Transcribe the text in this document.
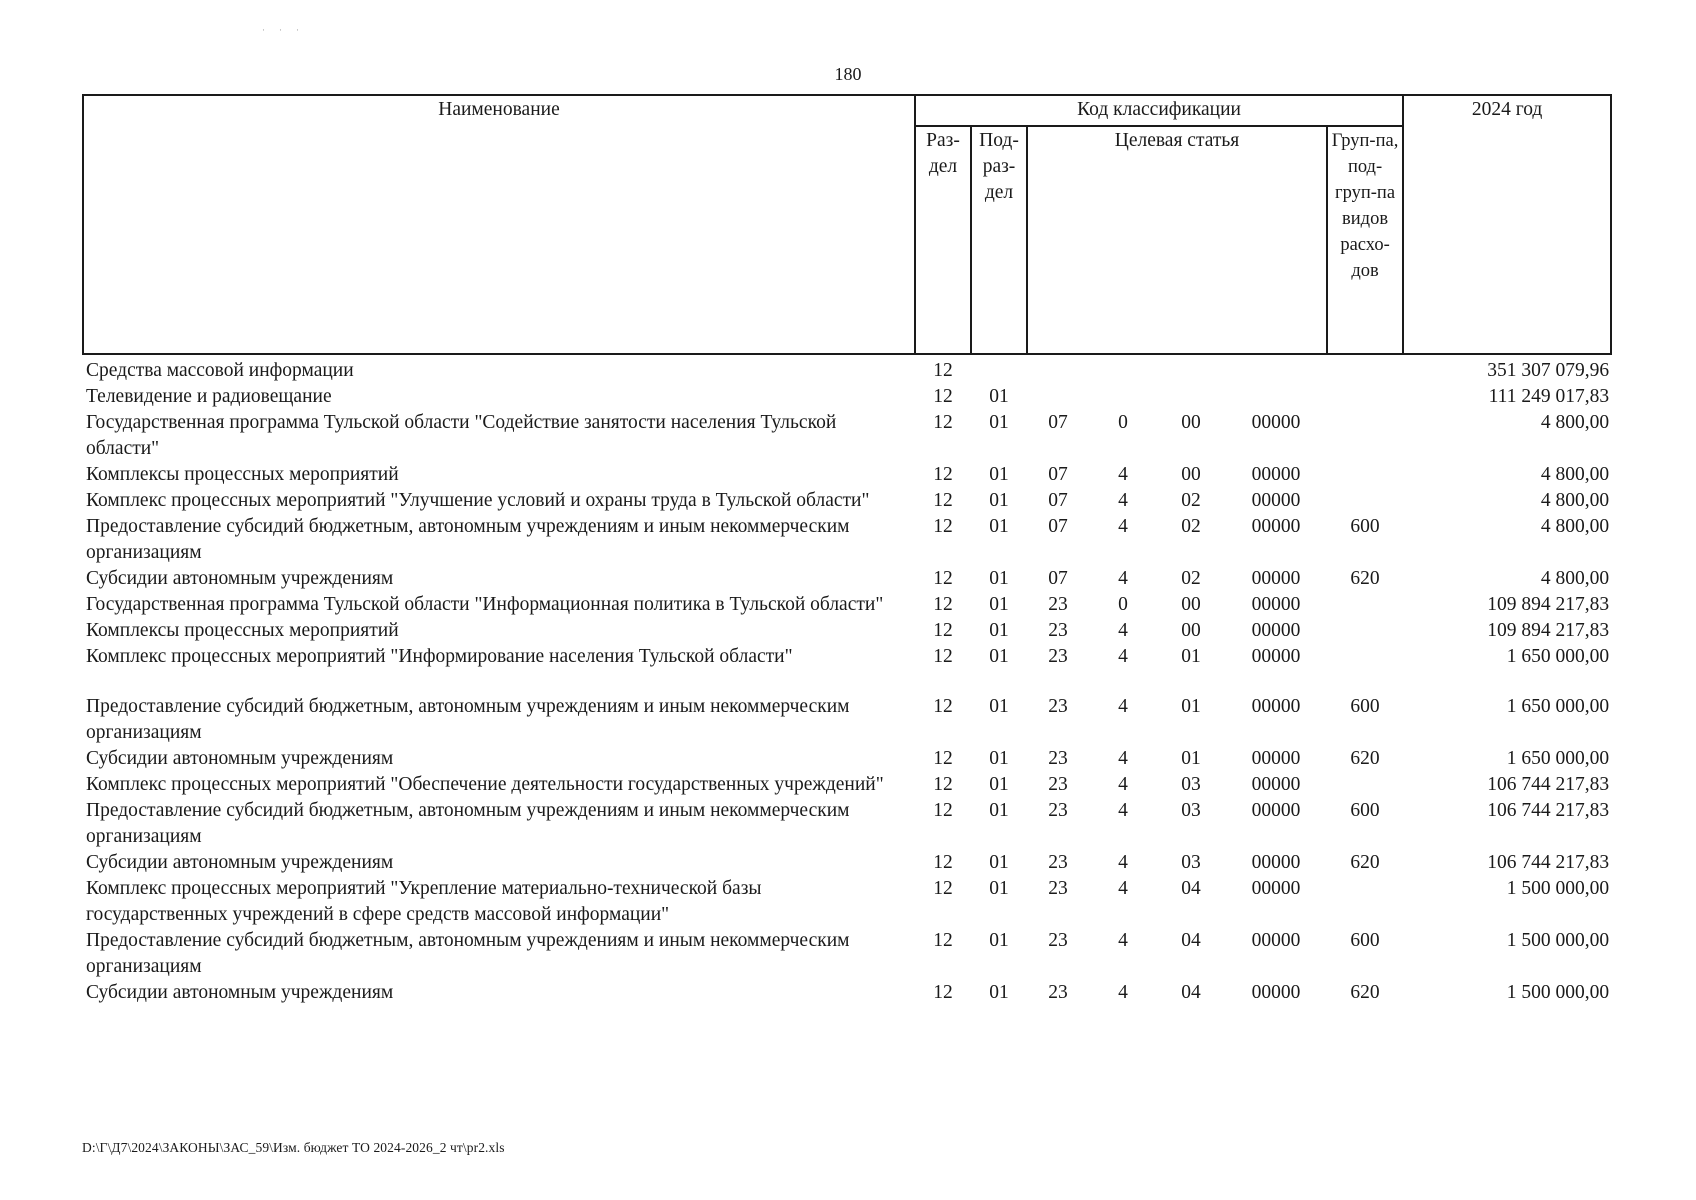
···
180
Наименование	Код классификации							2024 год
	Раз-дел	Под-раз-дел	Целевая статья				Груп-па, под-груп-па видов расхо-дов	
Средства массовой информации	12							351 307 079,96
Телевидение и радиовещание	12	01						111 249 017,83
Государственная программа Тульской области "Содействие занятости населения Тульской области"	12	01	07	0	00	00000		4 800,00
Комплексы процессных мероприятий	12	01	07	4	00	00000		4 800,00
Комплекс процессных мероприятий "Улучшение условий и охраны труда в Тульской области"	12	01	07	4	02	00000		4 800,00
Предоставление субсидий бюджетным, автономным учреждениям и иным некоммерческим организациям	12	01	07	4	02	00000	600	4 800,00
Субсидии автономным учреждениям	12	01	07	4	02	00000	620	4 800,00
Государственная программа Тульской области "Информационная политика в Тульской области"	12	01	23	0	00	00000		109 894 217,83
Комплексы процессных мероприятий	12	01	23	4	00	00000		109 894 217,83
Комплекс процессных мероприятий "Информирование населения Тульской области"	12	01	23	4	01	00000		1 650 000,00

Предоставление субсидий бюджетным, автономным учреждениям и иным некоммерческим организациям	12	01	23	4	01	00000	600	1 650 000,00
Субсидии автономным учреждениям	12	01	23	4	01	00000	620	1 650 000,00
Комплекс процессных мероприятий "Обеспечение деятельности государственных учреждений"	12	01	23	4	03	00000		106 744 217,83
Предоставление субсидий бюджетным, автономным учреждениям и иным некоммерческим организациям	12	01	23	4	03	00000	600	106 744 217,83
Субсидии автономным учреждениям	12	01	23	4	03	00000	620	106 744 217,83
Комплекс процессных мероприятий "Укрепление материально-технической базы государственных учреждений в сфере средств массовой информации"	12	01	23	4	04	00000		1 500 000,00
Предоставление субсидий бюджетным, автономным учреждениям и иным некоммерческим организациям	12	01	23	4	04	00000	600	1 500 000,00
Субсидии автономным учреждениям	12	01	23	4	04	00000	620	1 500 000,00
D:\Г\Д7\2024\ЗАКОНЫ\ЗАС_59\Изм. бюджет ТО 2024-2026_2 чт\pr2.xls
